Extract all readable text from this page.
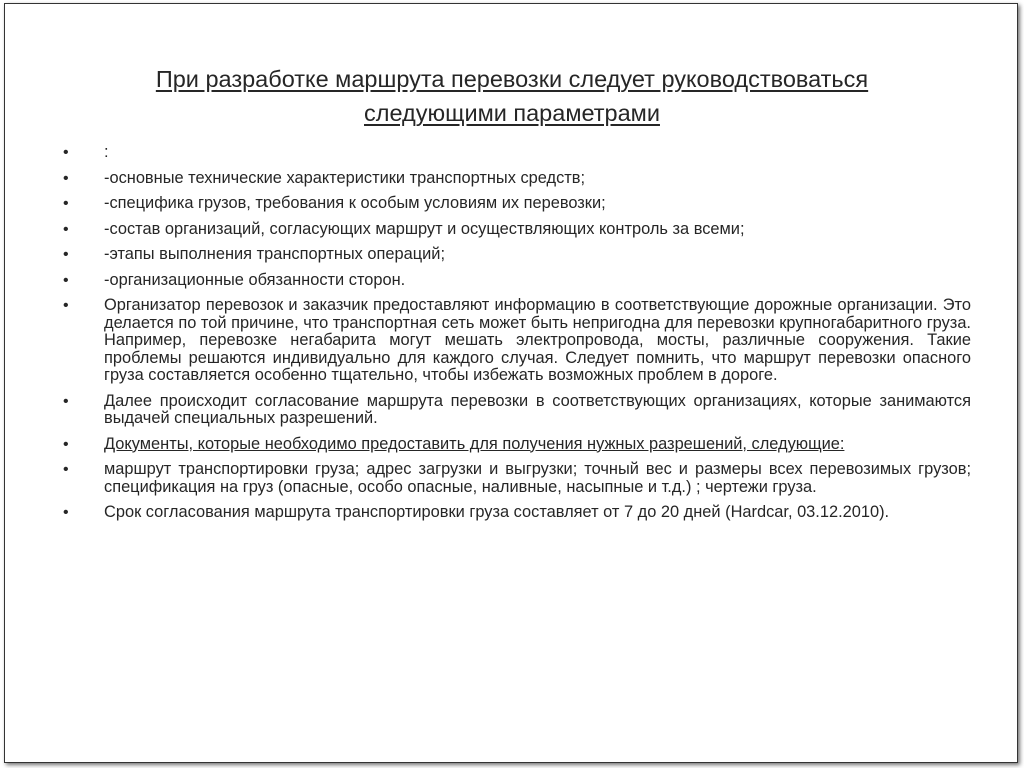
При разработке маршрута перевозки следует руководствоваться
следующими параметрами
• :
• -основные технические характеристики транспортных средств;
• -специфика грузов, требования к особым условиям их перевозки;
• -состав организаций, согласующих маршрут и осуществляющих контроль за всеми;
• -этапы выполнения транспортных операций;
• -организационные обязанности сторон.
• Организатор перевозок и заказчик предоставляют информацию в соответствующие дорожные организации. Это делается по той причине, что транспортная сеть может быть непригодна для перевозки крупногабаритного груза. Например, перевозке негабарита могут мешать электропровода, мосты, различные сооружения. Такие проблемы решаются индивидуально для каждого случая. Следует помнить, что маршрут перевозки опасного груза составляется особенно тщательно, чтобы избежать возможных проблем в дороге.
• Далее происходит согласование маршрута перевозки в соответствующих организациях, которые занимаются выдачей специальных разрешений.
• Документы, которые необходимо предоставить для получения нужных разрешений, следующие:
• маршрут транспортировки груза; адрес загрузки и выгрузки; точный вес и размеры всех перевозимых грузов; спецификация на груз (опасные, особо опасные, наливные, насыпные и т.д.) ; чертежи груза.
• Срок согласования маршрута транспортировки груза составляет от 7 до 20 дней (Hardcar, 03.12.2010).
